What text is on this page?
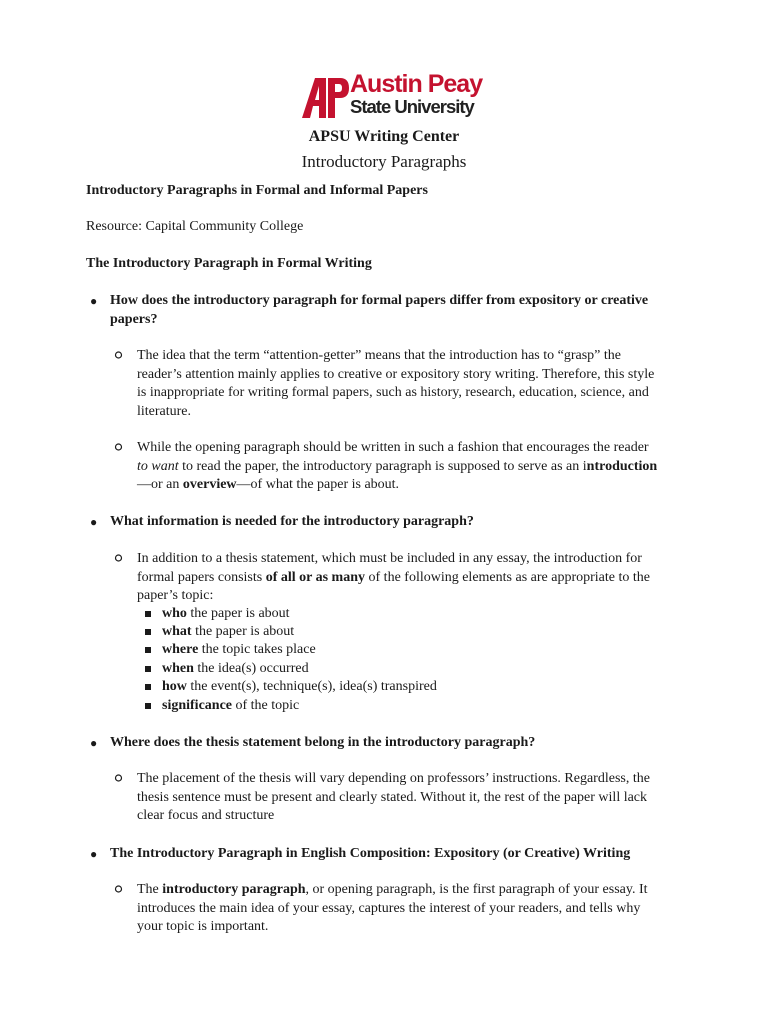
Austin Peay
State University
APSU Writing Center
Introductory Paragraphs
Introductory Paragraphs in Formal and Informal Papers
Resource: Capital Community College
The Introductory Paragraph in Formal Writing
● How does the introductory paragraph for formal papers differ from expository or creative
papers?
The idea that the term “attention-getter” means that the introduction has to “grasp” the
reader’s attention mainly applies to creative or expository story writing. Therefore, this style
is inappropriate for writing formal papers, such as history, research, education, science, and
literature.
While the opening paragraph should be written in such a fashion that encourages the reader
to want to read the paper, the introductory paragraph is supposed to serve as an introduction
—or an overview—of what the paper is about.
● What information is needed for the introductory paragraph?
In addition to a thesis statement, which must be included in any essay, the introduction for
formal papers consists of all or as many of the following elements as are appropriate to the
paper’s topic:
who the paper is about
what the paper is about
where the topic takes place
when the idea(s) occurred
how the event(s), technique(s), idea(s) transpired
significance of the topic
● Where does the thesis statement belong in the introductory paragraph?
The placement of the thesis will vary depending on professors’ instructions. Regardless, the
thesis sentence must be present and clearly stated. Without it, the rest of the paper will lack
clear focus and structure
● The Introductory Paragraph in English Composition: Expository (or Creative) Writing
The introductory paragraph, or opening paragraph, is the first paragraph of your essay. It
introduces the main idea of your essay, captures the interest of your readers, and tells why
your topic is important.
